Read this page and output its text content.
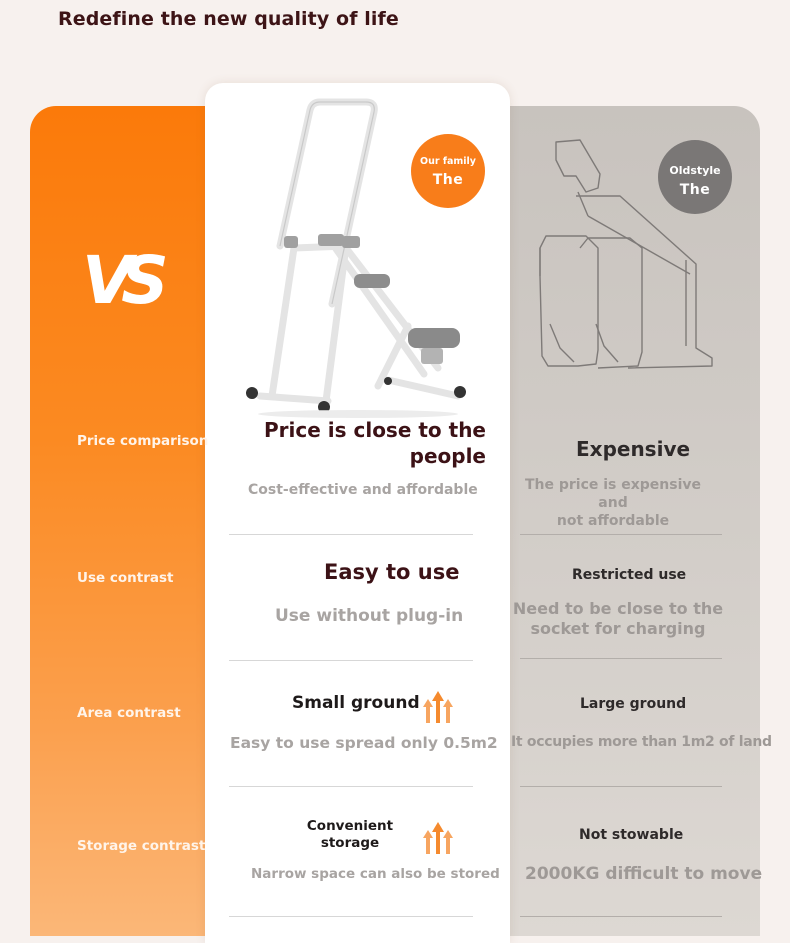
Redefine the new quality of life
VS
Price comparison
Use contrast
Area contrast
Storage contrast
Our family
The
Oldstyle
The
Price is close to the
people
Cost-effective and affordable
Expensive
The price is expensive and
not affordable
Easy to use
Use without plug-in
Restricted use
Need to be close to the
socket for charging
Small ground
Easy to use spread only 0.5m2
Large ground
It occupies more than 1m2 of land
Convenient
storage
Narrow space can also be stored
Not stowable
2000KG difficult to move
